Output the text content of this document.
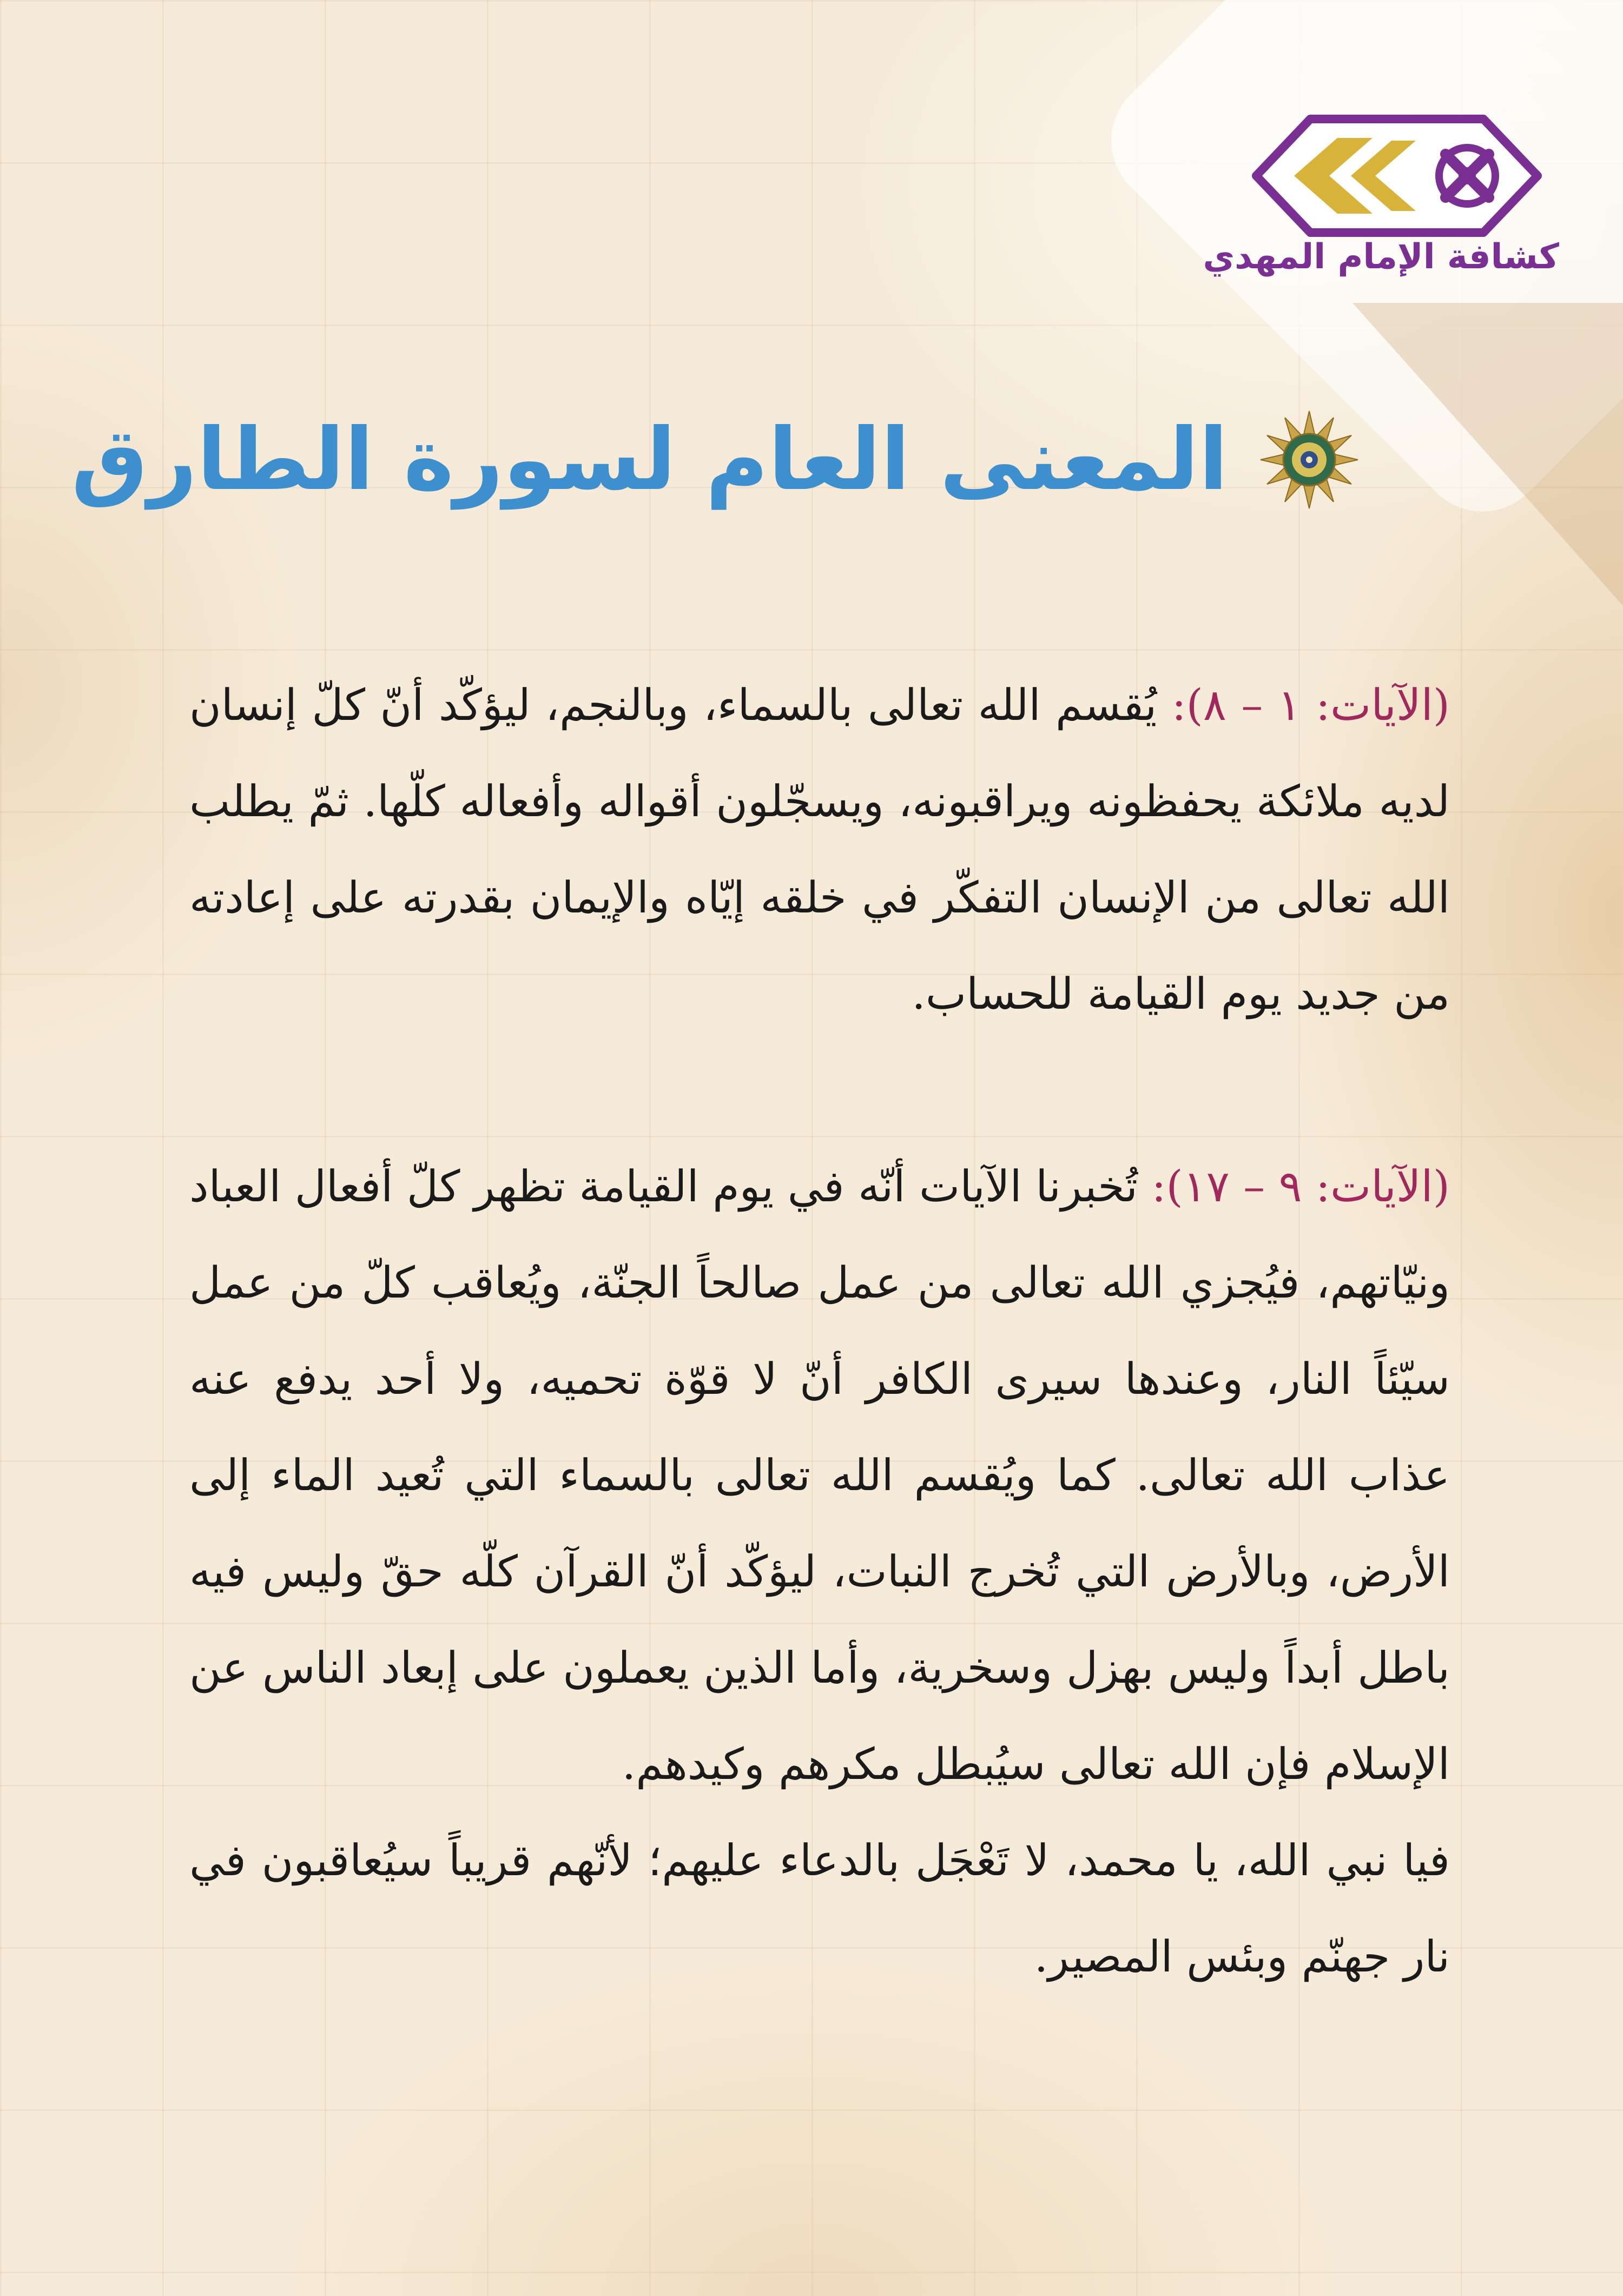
كشافة الإمام المهدي
المعنى العام لسورة الطارق

(الآيات: ١ – ٨): يُقسم الله تعالى بالسماء، وبالنجم، ليؤكّد أنّ كلّ إنسان لديه ملائكة يحفظونه ويراقبونه، ويسجّلون أقواله وأفعاله كلّها. ثمّ يطلب الله تعالى من الإنسان التفكّر في خلقه إيّاه والإيمان بقدرته على إعادته من جديد يوم القيامة للحساب.

(الآيات: ٩ – ١٧): تُخبرنا الآيات أنّه في يوم القيامة تظهر كلّ أفعال العباد ونيّاتهم، فيُجزي الله تعالى من عمل صالحاً الجنّة، ويُعاقب كلّ من عمل سيّئاً النار، وعندها سيرى الكافر أنّ لا قوّة تحميه، ولا أحد يدفع عنه عذاب الله تعالى. كما ويُقسم الله تعالى بالسماء التي تُعيد الماء إلى الأرض، وبالأرض التي تُخرج النبات، ليؤكّد أنّ القرآن كلّه حقّ وليس فيه باطل أبداً وليس بهزل وسخرية، وأما الذين يعملون على إبعاد الناس عن الإسلام فإن الله تعالى سيُبطل مكرهم وكيدهم.

فيا نبي الله، يا محمد، لا تَعْجَل بالدعاء عليهم؛ لأنّهم قريباً سيُعاقبون في نار جهنّم وبئس المصير.
